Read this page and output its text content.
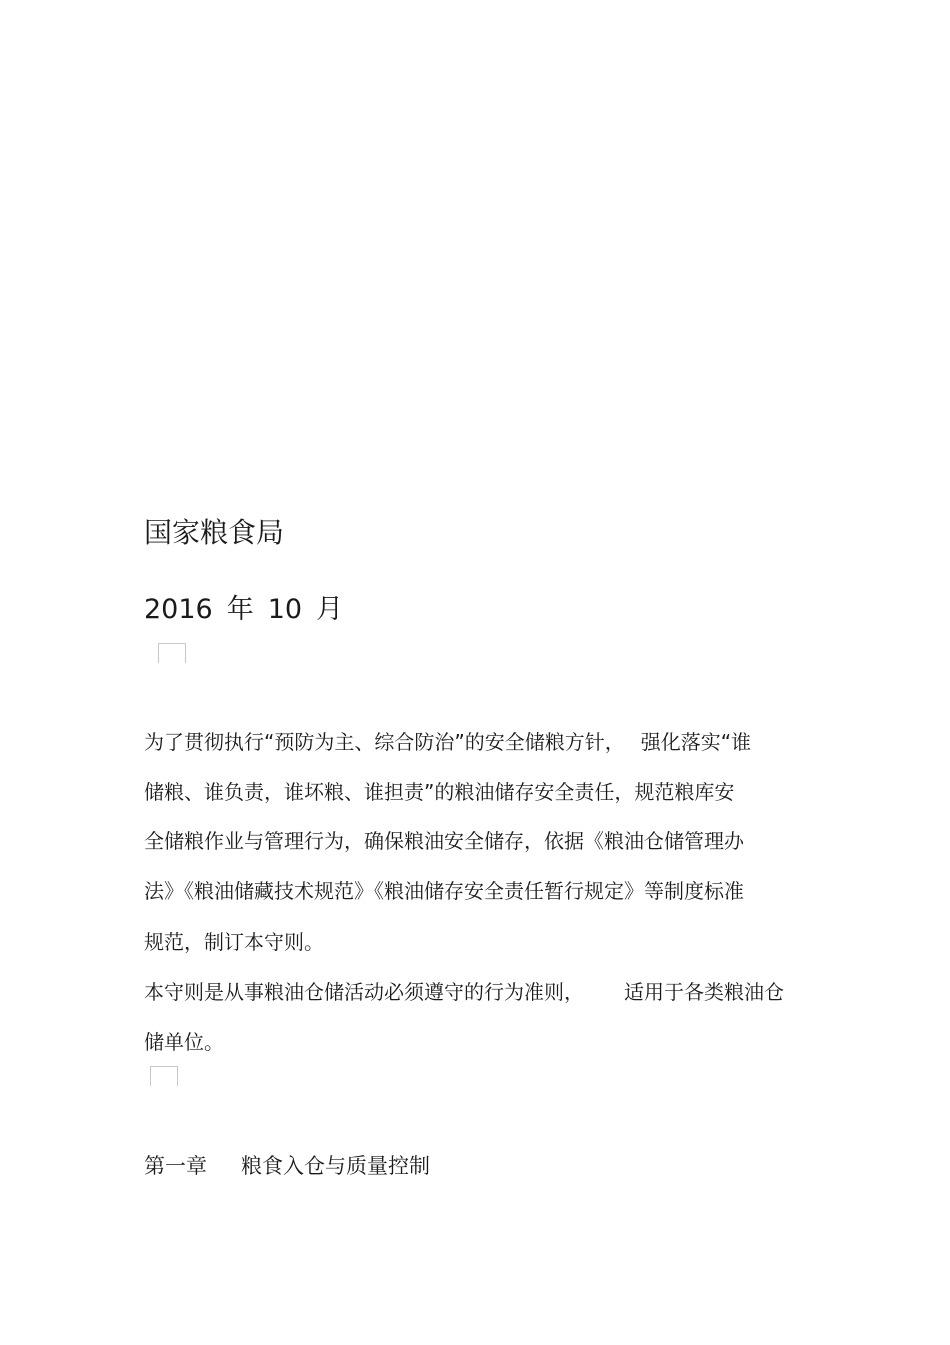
国家粮食局
2016 年 10 月
为了贯彻执行“预防为主、综合防治”的安全储粮方针， 强化落实“谁
储粮、谁负责，谁坏粮、谁担责”的粮油储存安全责任，规范粮库安
全储粮作业与管理行为，确保粮油安全储存，依据《粮油仓储管理办
法》《粮油储藏技术规范》《粮油储存安全责任暂行规定》等制度标准
规范，制订本守则。
本守则是从事粮油仓储活动必须遵守的行为准则， 适用于各类粮油仓
储单位。
第一章 粮食入仓与质量控制
